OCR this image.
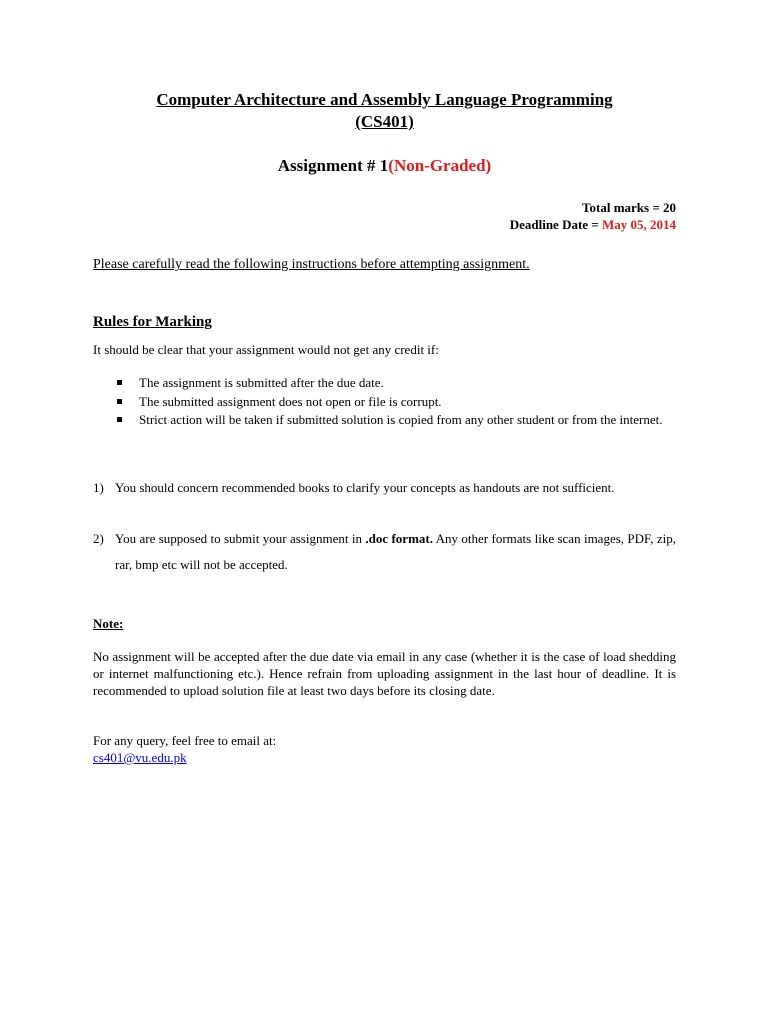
Computer Architecture and Assembly Language Programming
(CS401)
Assignment # 1(Non-Graded)
Total marks = 20
Deadline Date = May 05, 2014
Please carefully read the following instructions before attempting assignment.
Rules for Marking
It should be clear that your assignment would not get any credit if:
The assignment is submitted after the due date.
The submitted assignment does not open or file is corrupt.
Strict action will be taken if submitted solution is copied from any other student or from the internet.
1) You should concern recommended books to clarify your concepts as handouts are not sufficient.
2) You are supposed to submit your assignment in .doc format. Any other formats like scan images, PDF, zip, rar, bmp etc will not be accepted.
Note:
No assignment will be accepted after the due date via email in any case (whether it is the case of load shedding or internet malfunctioning etc.). Hence refrain from uploading assignment in the last hour of deadline. It is recommended to upload solution file at least two days before its closing date.
For any query, feel free to email at:
cs401@vu.edu.pk
